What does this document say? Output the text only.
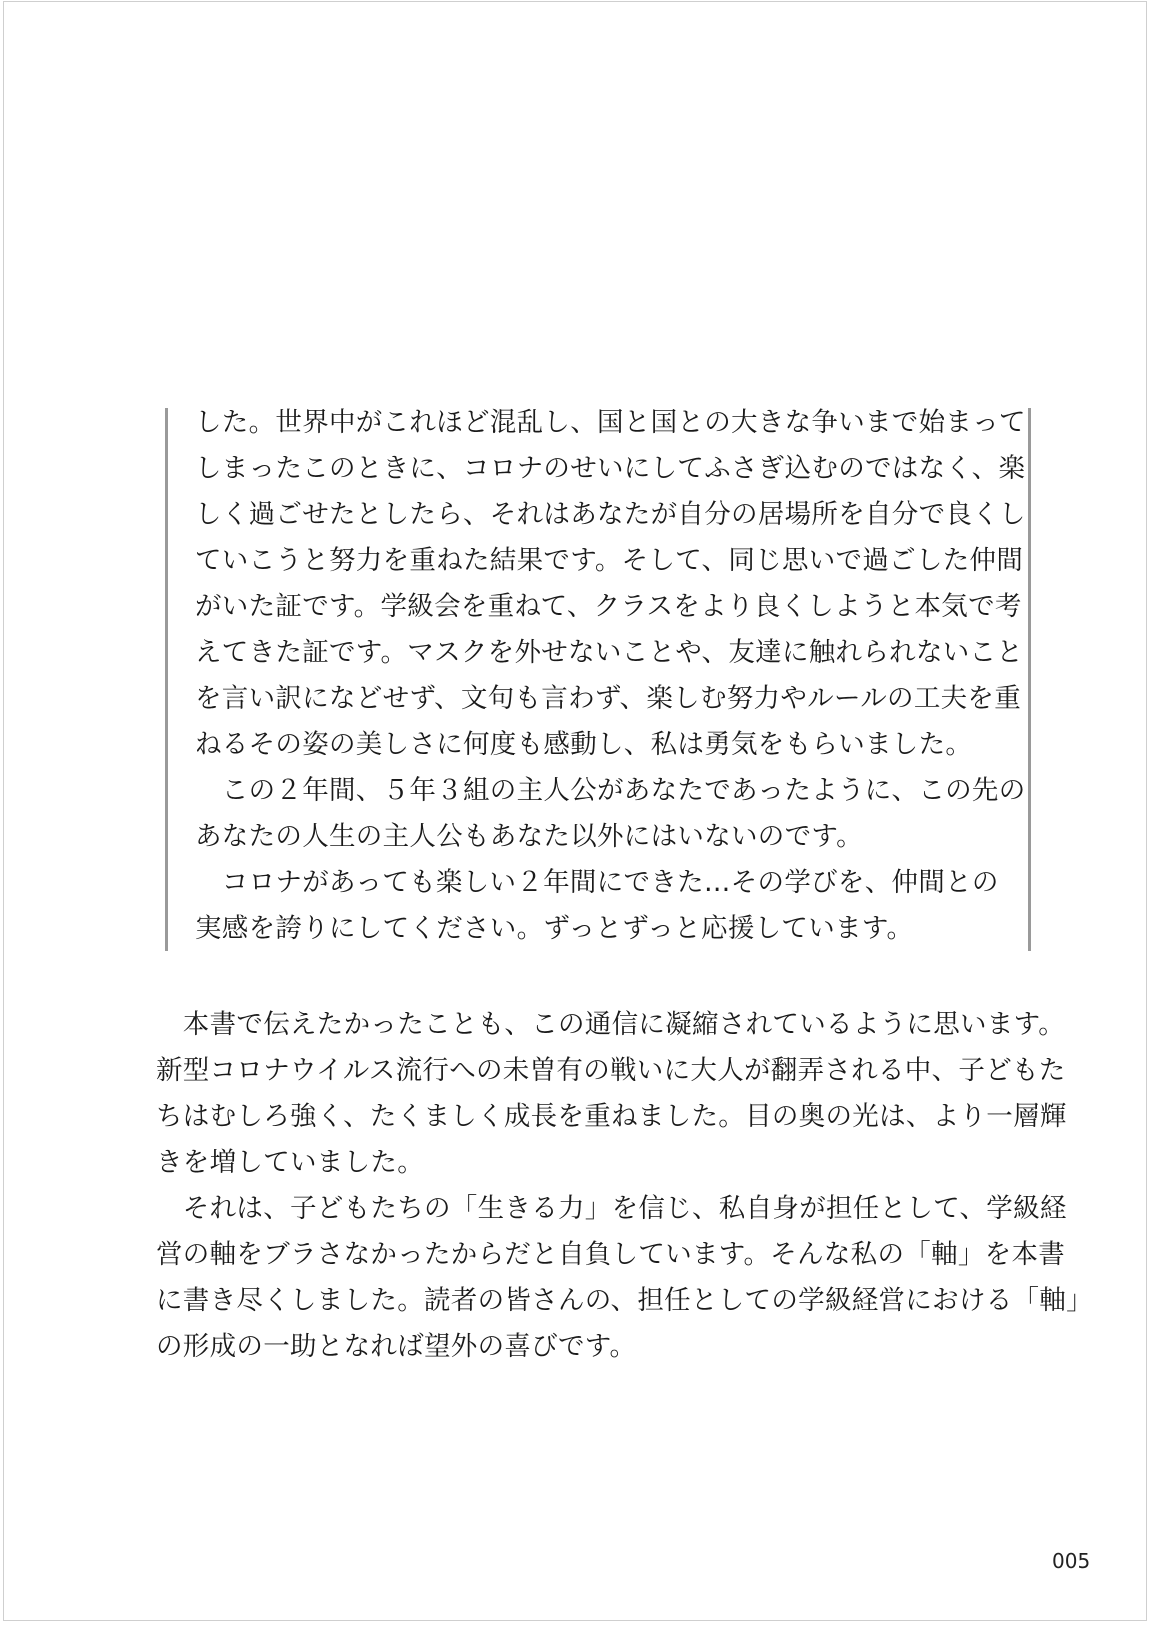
した。世界中がこれほど混乱し、国と国との大きな争いまで始まって
しまったこのときに、コロナのせいにしてふさぎ込むのではなく、楽
しく過ごせたとしたら、それはあなたが自分の居場所を自分で良くし
ていこうと努力を重ねた結果です。そして、同じ思いで過ごした仲間
がいた証です。学級会を重ねて、クラスをより良くしようと本気で考
えてきた証です。マスクを外せないことや、友達に触れられないこと
を言い訳になどせず、文句も言わず、楽しむ努力やルールの工夫を重
ねるその姿の美しさに何度も感動し、私は勇気をもらいました。
　この２年間、５年３組の主人公があなたであったように、この先の
あなたの人生の主人公もあなた以外にはいないのです。
　コロナがあっても楽しい２年間にできた…その学びを、仲間との
実感を誇りにしてください。ずっとずっと応援しています。
　本書で伝えたかったことも、この通信に凝縮されているように思います。
新型コロナウイルス流行への未曽有の戦いに大人が翻弄される中、子どもた
ちはむしろ強く、たくましく成長を重ねました。目の奥の光は、より一層輝
きを増していました。
　それは、子どもたちの「生きる力」を信じ、私自身が担任として、学級経
営の軸をブラさなかったからだと自負しています。そんな私の「軸」を本書
に書き尽くしました。読者の皆さんの、担任としての学級経営における「軸」
の形成の一助となれば望外の喜びです。
005
